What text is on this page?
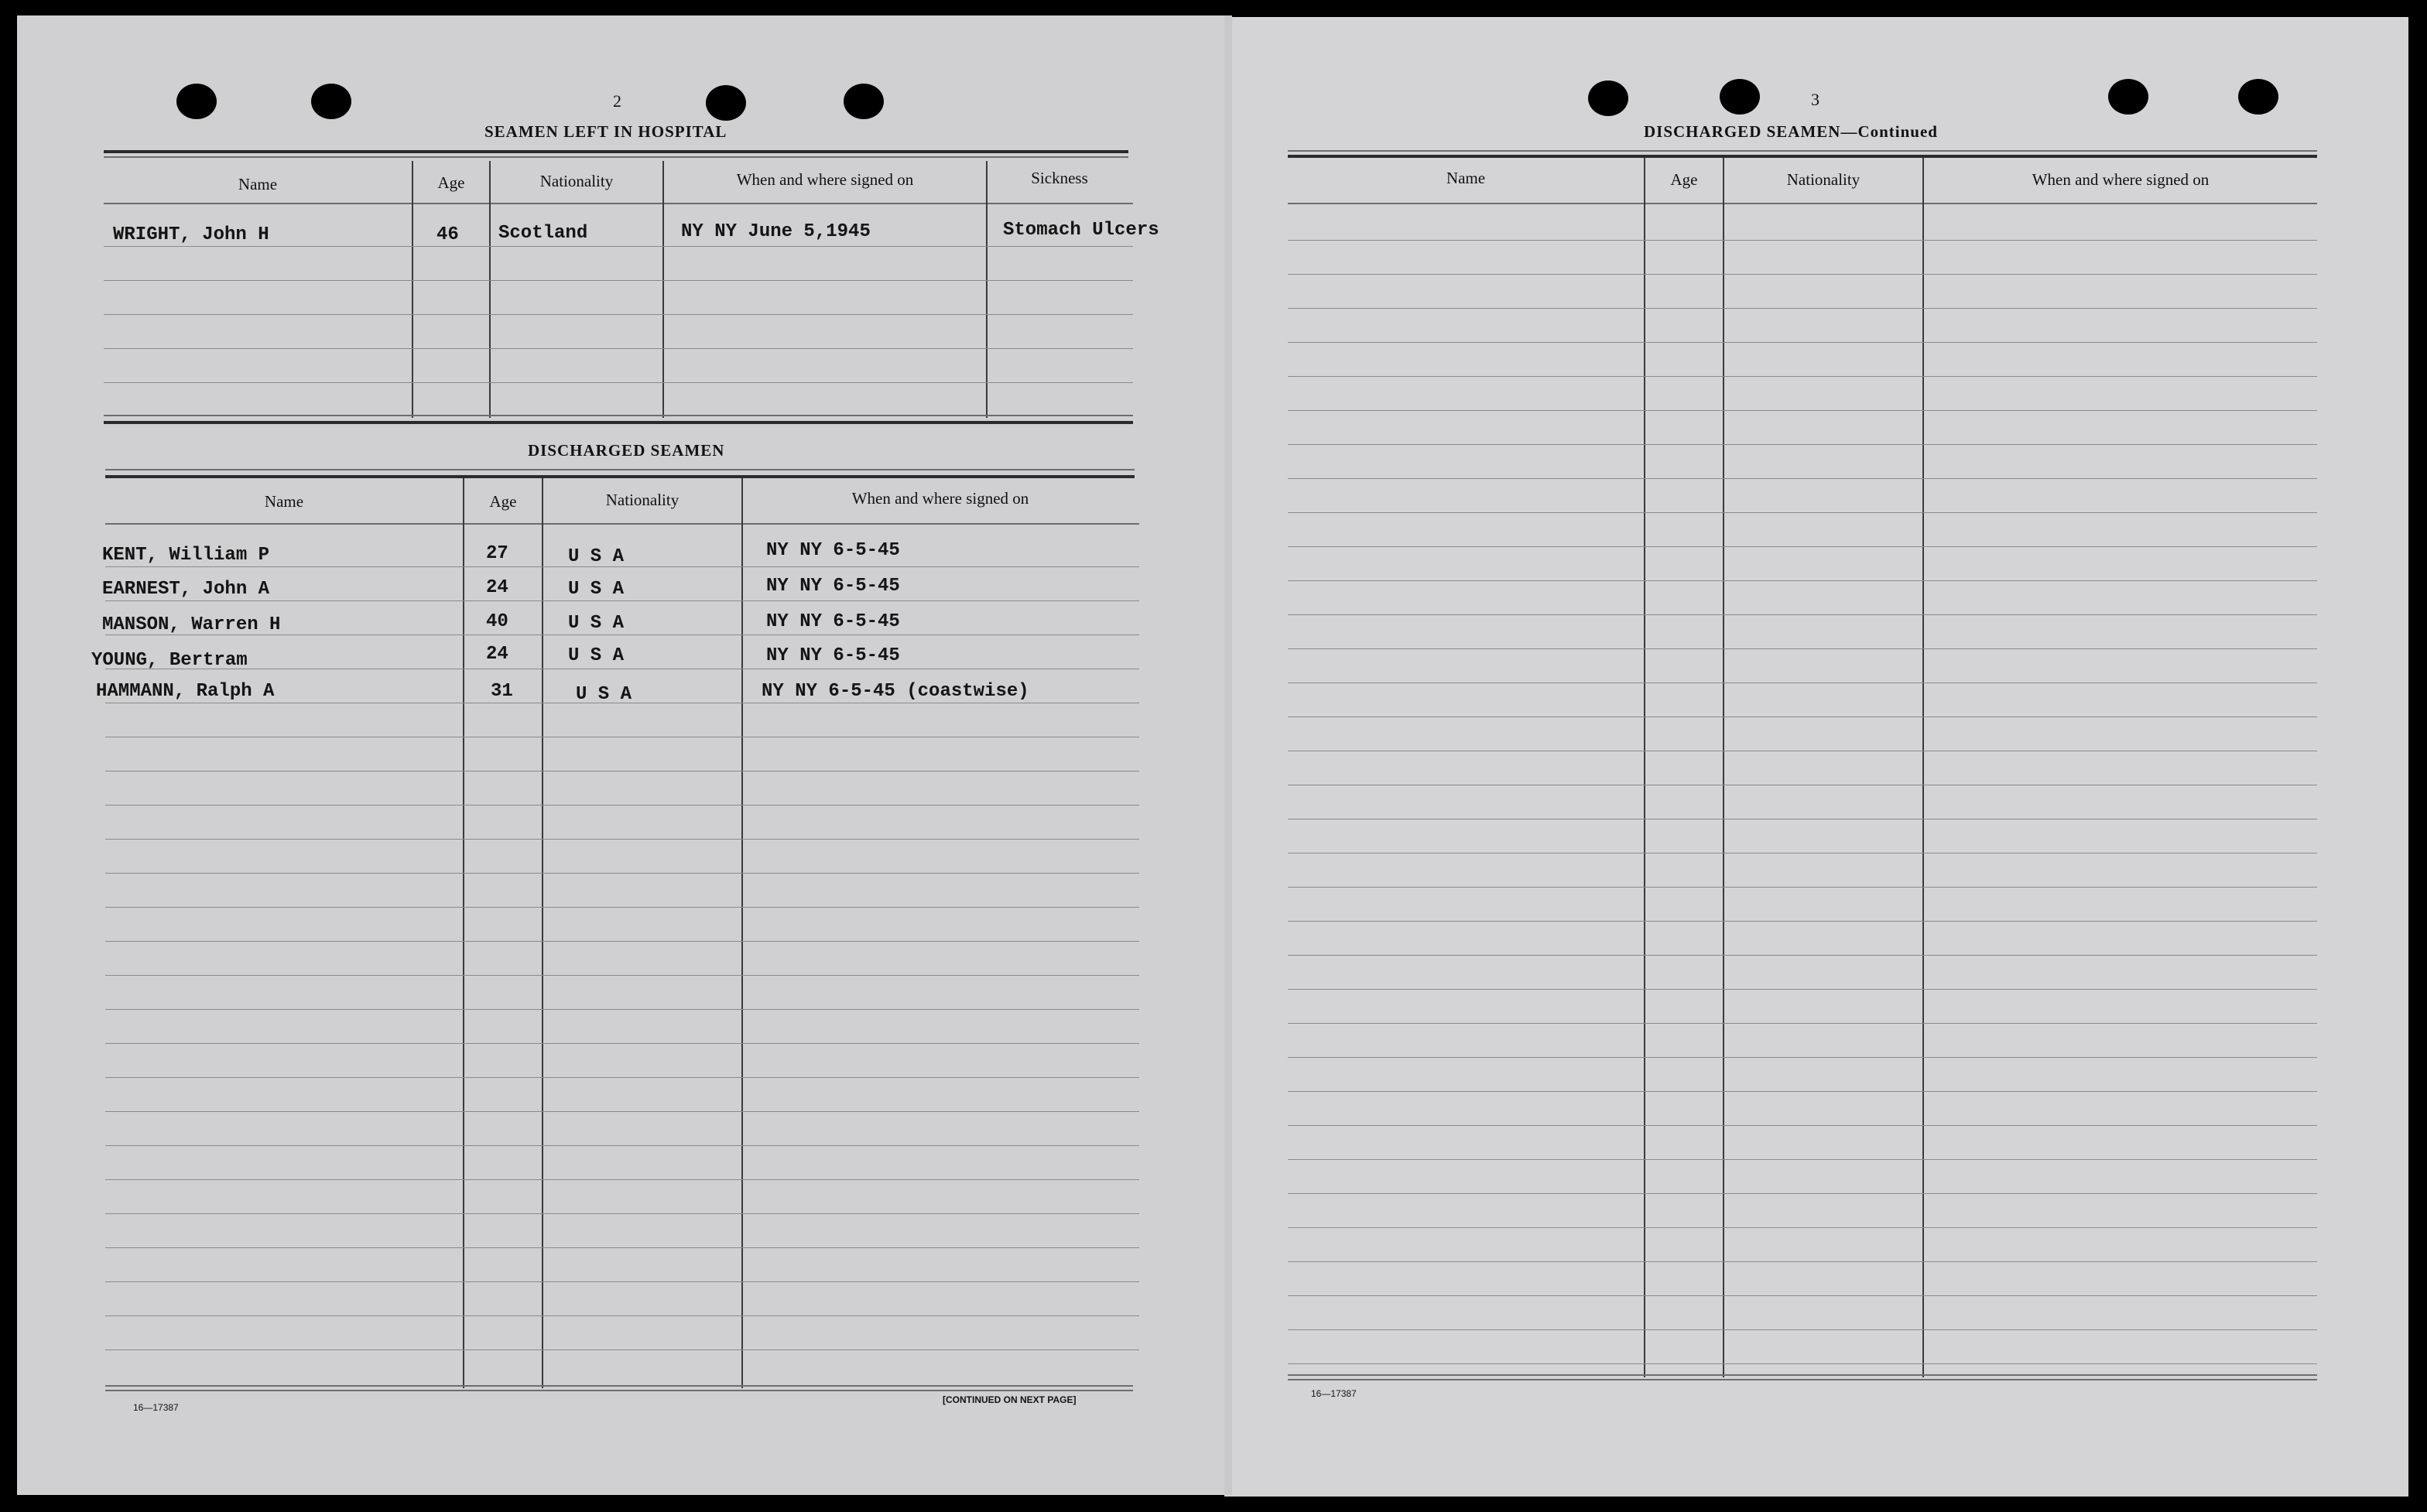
2
SEAMEN LEFT IN HOSPITAL
Name	Age	Nationality	When and where signed on	Sickness
WRIGHT, John H	46 Scotland	NY NY June 5,1945	Stomach Ulcers
DISCHARGED SEAMEN
Name	Age	Nationality	When and where signed on
KENT, William P	27	U S A	NY NY 6-5-45
EARNEST, John A	24	U S A	NY NY 6-5-45
MANSON, Warren H	40	U S A	NY NY 6-5-45
YOUNG, Bertram	24	U S A	NY NY 6-5-45
HAMMANN, Ralph A	31	U S A	NY NY 6-5-45 (coastwise)
16—17387
[CONTINUED ON NEXT PAGE]
3
DISCHARGED SEAMEN—Continued
Name	Age	Nationality	When and where signed on
16—17387
